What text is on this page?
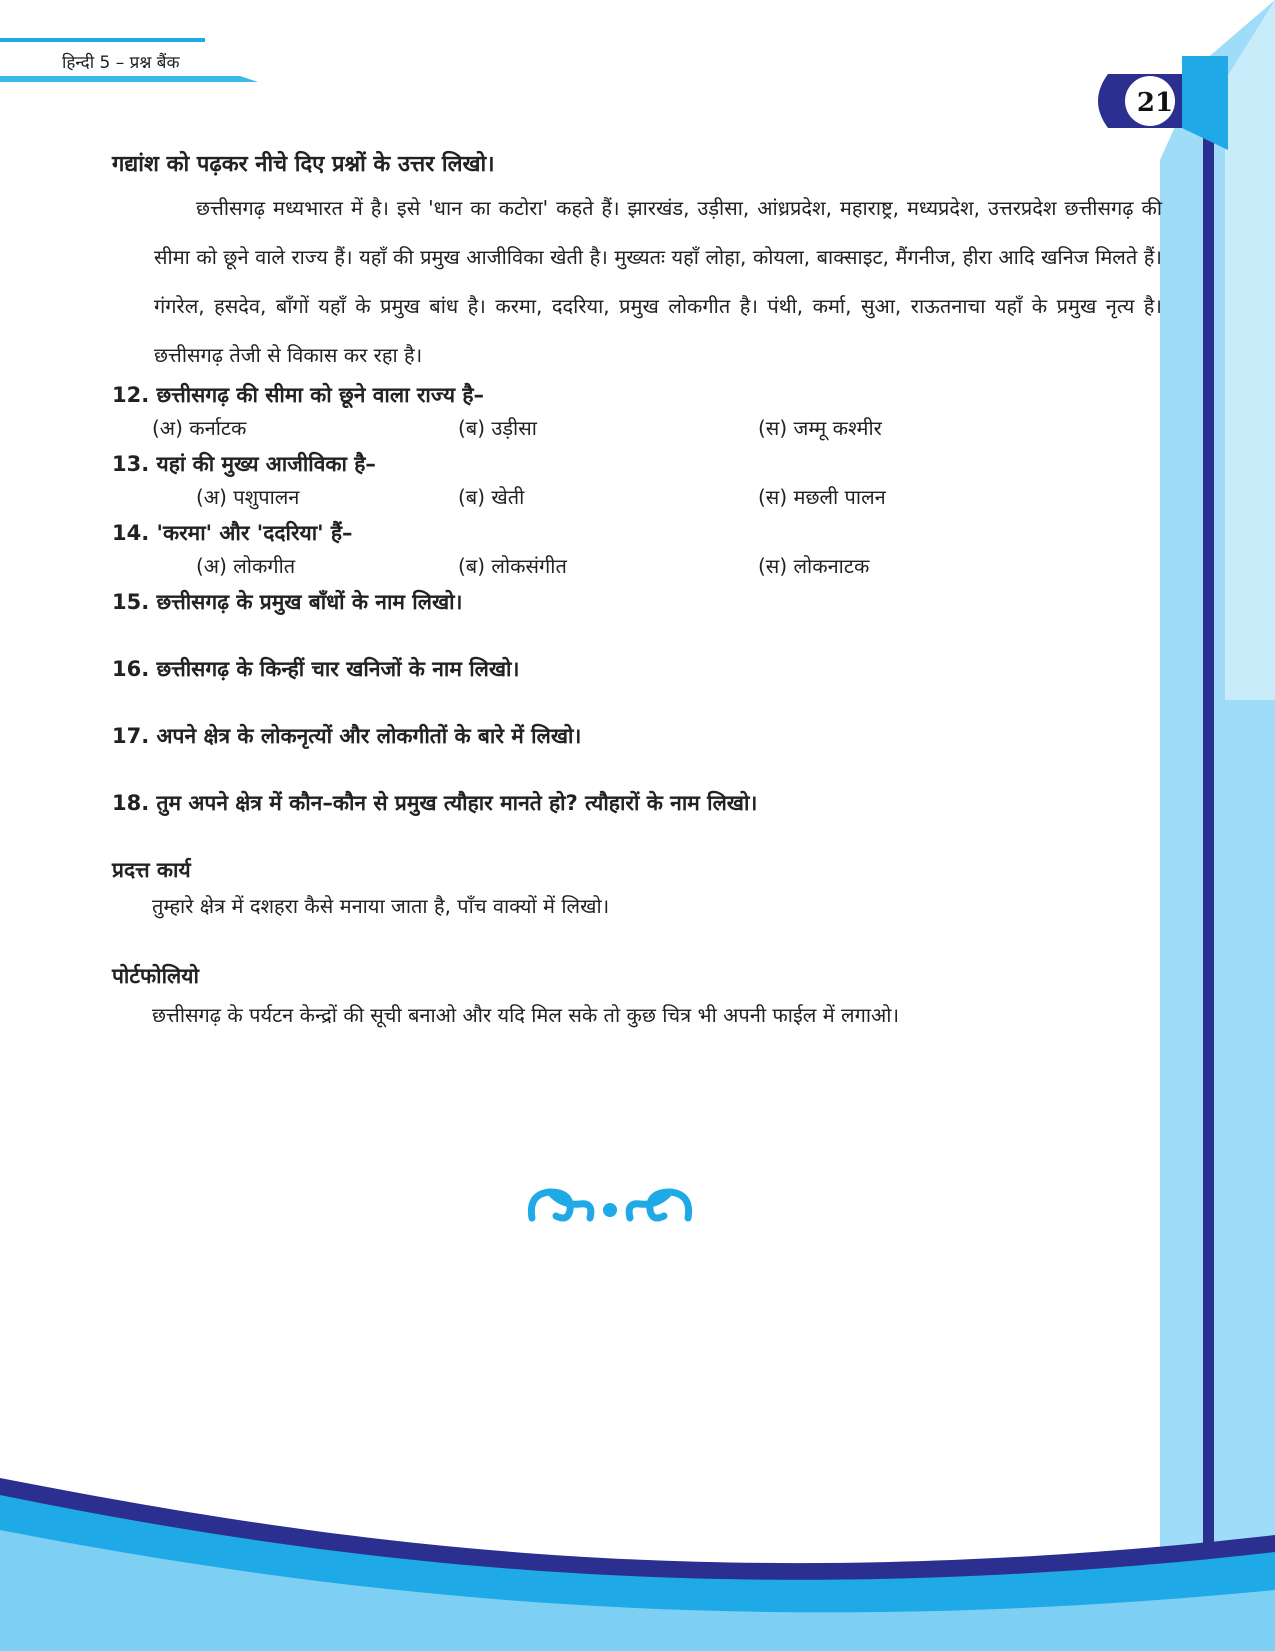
हिन्दी 5 – प्रश्न बैंक
21

गद्यांश को पढ़कर नीचे दिए प्रश्नों के उत्तर लिखो।

छत्तीसगढ़ मध्यभारत में है। इसे 'धान का कटोरा' कहते हैं। झारखंड, उड़ीसा, आंध्रप्रदेश, महाराष्ट्र, मध्यप्रदेश, उत्तरप्रदेश छत्तीसगढ़ की सीमा को छूने वाले राज्य हैं। यहाँ की प्रमुख आजीविका खेती है। मुख्यतः यहाँ लोहा, कोयला, बाक्साइट, मैंगनीज, हीरा आदि खनिज मिलते हैं। गंगरेल, हसदेव, बाँगों यहाँ के प्रमुख बांध है। करमा, ददरिया, प्रमुख लोकगीत है। पंथी, कर्मा, सुआ, राऊतनाचा यहाँ के प्रमुख नृत्य है। छत्तीसगढ़ तेजी से विकास कर रहा है।

12. छत्तीसगढ़ की सीमा को छूने वाला राज्य है–

(अ) कर्नाटक	(ब) उड़ीसा	(स) जम्मू कश्मीर

13. यहां की मुख्य आजीविका है–

(अ) पशुपालन	(ब) खेती	(स) मछली पालन

14. 'करमा' और 'ददरिया' हैं–

(अ) लोकगीत	(ब) लोकसंगीत	(स) लोकनाटक

15. छत्तीसगढ़ के प्रमुख बाँधों के नाम लिखो।

16. छत्तीसगढ़ के किन्हीं चार खनिजों के नाम लिखो।

17. अपने क्षेत्र के लोकनृत्यों और लोकगीतों के बारे में लिखो।

18. तुम अपने क्षेत्र में कौन–कौन से प्रमुख त्यौहार मानते हो? त्यौहारों के नाम लिखो।

प्रदत्त कार्य

तुम्हारे क्षेत्र में दशहरा कैसे मनाया जाता है, पाँच वाक्यों में लिखो।

पोर्टफोलियो

छत्तीसगढ़ के पर्यटन केन्द्रों की सूची बनाओ और यदि मिल सके तो कुछ चित्र भी अपनी फाईल में लगाओ।
